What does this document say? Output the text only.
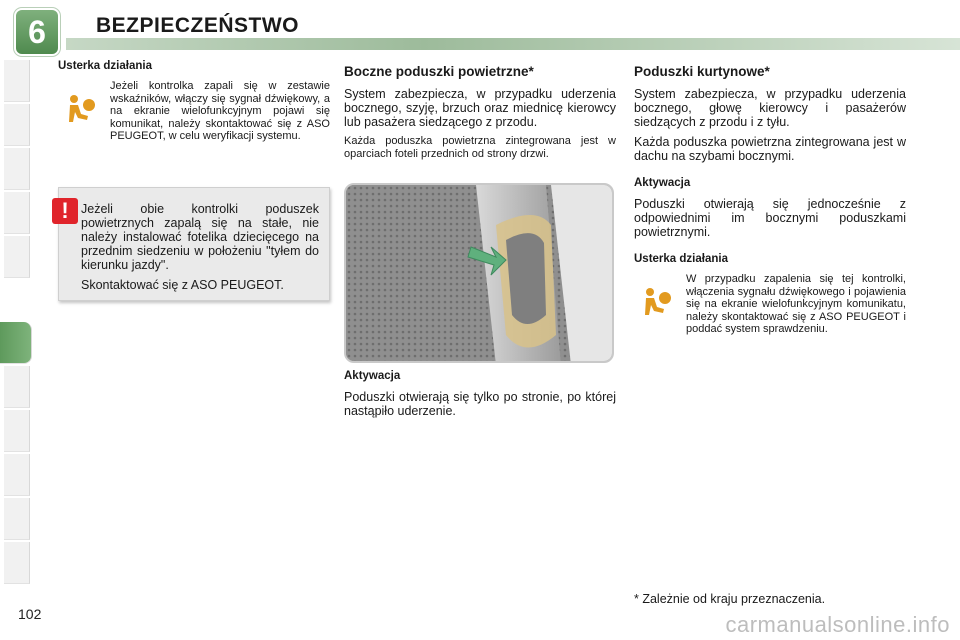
6	BEZPIECZEŃSTWO
Usterka działania
Jeżeli kontrolka zapali się w zestawie wskaźników, włączy się sygnał dźwiękowy, a na ekranie wielofunkcyjnym pojawi się komunikat, należy skontaktować się z ASO PEUGEOT, w celu weryfikacji systemu.
Jeżeli obie kontrolki poduszek powietrznych zapalą się na stałe, nie należy instalować fotelika dziecięcego na przednim siedzeniu w położeniu "tyłem do kierunku jazdy".
Skontaktować się z ASO PEUGEOT.
!
Boczne poduszki powietrzne*
System zabezpiecza, w przypadku uderzenia bocznego, szyję, brzuch oraz miednicę kierowcy lub pasażera siedzącego z przodu.
Każda poduszka powietrzna zintegrowana jest w oparciach foteli przednich od strony drzwi.
Aktywacja
Poduszki otwierają się tylko po stronie, po której nastąpiło uderzenie.
Poduszki kurtynowe*
System zabezpiecza, w przypadku uderzenia bocznego, głowę kierowcy i pasażerów siedzących z przodu i z tyłu.
Każda poduszka powietrzna zintegrowana jest w dachu na szybami bocznymi.
Aktywacja
Poduszki otwierają się jednocześnie z odpowiednimi im bocznymi poduszkami powietrznymi.
Usterka działania
W przypadku zapalenia się tej kontrolki, włączenia sygnału dźwiękowego i pojawienia się na ekranie wielofunkcyjnym komunikatu, należy skontaktować się z ASO PEUGEOT i poddać system sprawdzeniu.
102
* Zależnie od kraju przeznaczenia.
carmanualsonline.info
